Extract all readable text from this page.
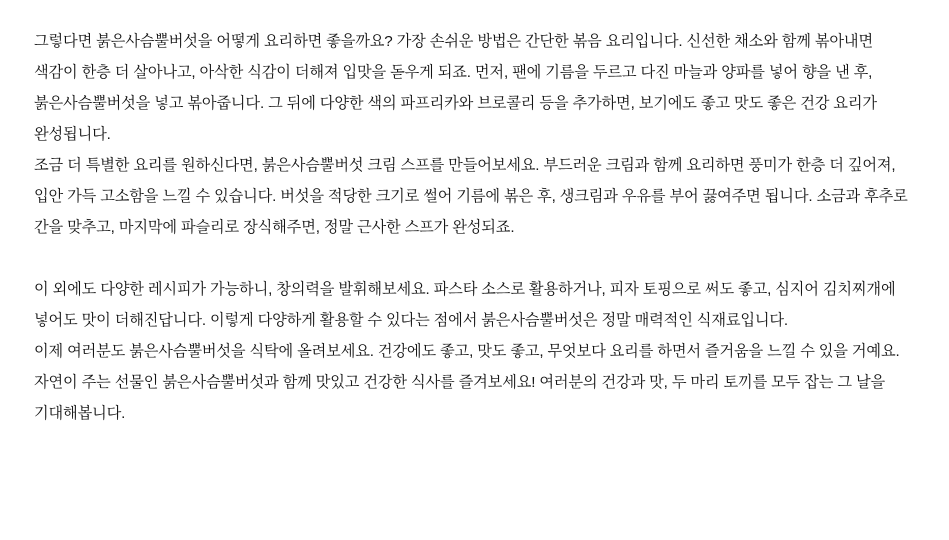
그렇다면 붉은사슴뿔버섯을 어떻게 요리하면 좋을까요? 가장 손쉬운 방법은 간단한 볶음 요리입니다. 신선한 채소와 함께 볶아내면 색감이 한층 더 살아나고, 아삭한 식감이 더해져 입맛을 돋우게 되죠. 먼저, 팬에 기름을 두르고 다진 마늘과 양파를 넣어 향을 낸 후, 붉은사슴뿔버섯을 넣고 볶아줍니다. 그 뒤에 다양한 색의 파프리카와 브로콜리 등을 추가하면, 보기에도 좋고 맛도 좋은 건강 요리가 완성됩니다.

조금 더 특별한 요리를 원하신다면, 붉은사슴뿔버섯 크림 스프를 만들어보세요. 부드러운 크림과 함께 요리하면 풍미가 한층 더 깊어져, 입안 가득 고소함을 느낄 수 있습니다. 버섯을 적당한 크기로 썰어 기름에 볶은 후, 생크림과 우유를 부어 끓여주면 됩니다. 소금과 후추로 간을 맞추고, 마지막에 파슬리로 장식해주면, 정말 근사한 스프가 완성되죠.

이 외에도 다양한 레시피가 가능하니, 창의력을 발휘해보세요. 파스타 소스로 활용하거나, 피자 토핑으로 써도 좋고, 심지어 김치찌개에 넣어도 맛이 더해진답니다. 이렇게 다양하게 활용할 수 있다는 점에서 붉은사슴뿔버섯은 정말 매력적인 식재료입니다.

이제 여러분도 붉은사슴뿔버섯을 식탁에 올려보세요. 건강에도 좋고, 맛도 좋고, 무엇보다 요리를 하면서 즐거움을 느낄 수 있을 거예요. 자연이 주는 선물인 붉은사슴뿔버섯과 함께 맛있고 건강한 식사를 즐겨보세요! 여러분의 건강과 맛, 두 마리 토끼를 모두 잡는 그 날을 기대해봅니다.
